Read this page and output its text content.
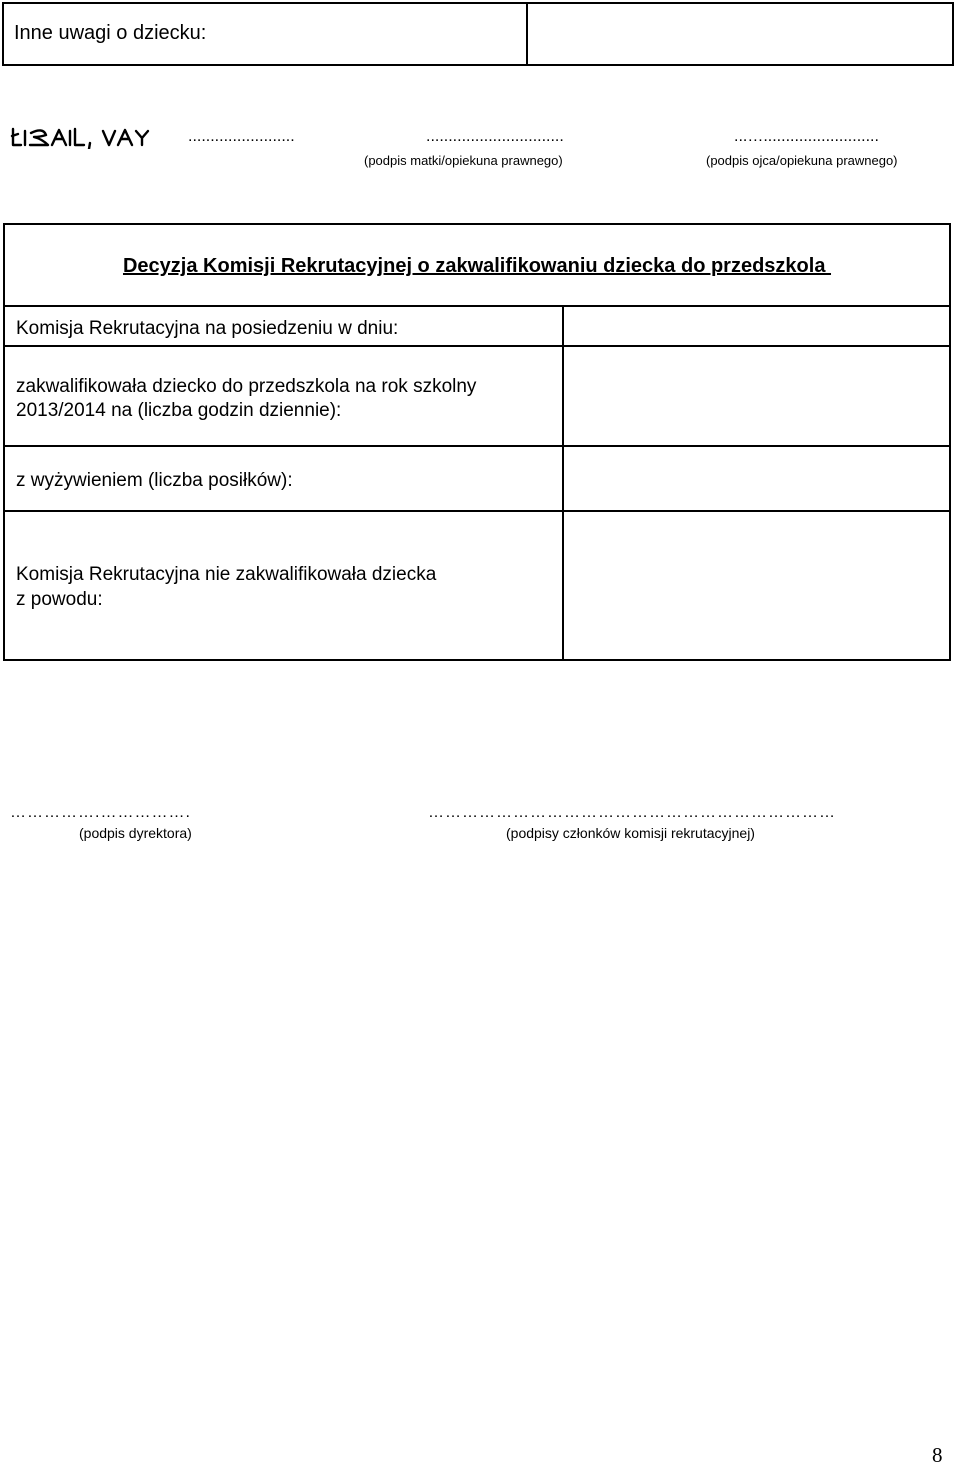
Inne uwagi o dziecku:
........................	...............................
(podpis matki/opiekuna prawnego)
...…..........................
(podpis ojca/opiekuna prawnego)
Decyzja Komisji Rekrutacyjnej o zakwalifikowaniu dziecka do przedszkola
Komisja Rekrutacyjna na posiedzeniu w dniu:
zakwalifikowała dziecko do przedszkola na rok szkolny
2013/2014 na (liczba godzin dziennie):
z wyżywieniem (liczba posiłków):
Komisja Rekrutacyjna nie zakwalifikowała dziecka
z powodu:
…………….…………….
(podpis dyrektora)
………………………………………………………………
(podpisy członków komisji rekrutacyjnej)
8
